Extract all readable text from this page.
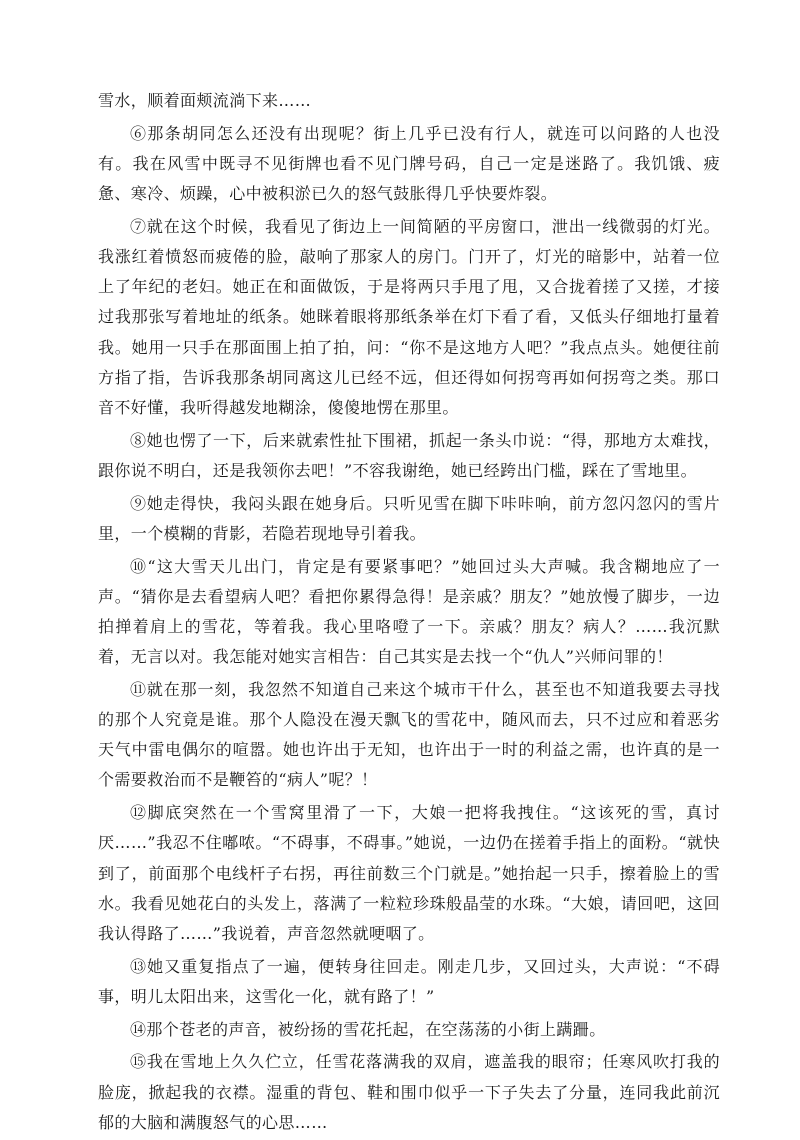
雪水，顺着面颊流淌下来……

⑥那条胡同怎么还没有出现呢？街上几乎已没有行人，就连可以问路的人也没有。我在风雪中既寻不见街牌也看不见门牌号码，自己一定是迷路了。我饥饿、疲惫、寒冷、烦躁，心中被积淤已久的怒气鼓胀得几乎快要炸裂。

⑦就在这个时候，我看见了街边上一间简陋的平房窗口，泄出一线微弱的灯光。我涨红着愤怒而疲倦的脸，敲响了那家人的房门。门开了，灯光的暗影中，站着一位上了年纪的老妇。她正在和面做饭，于是将两只手甩了甩，又合拢着搓了又搓，才接过我那张写着地址的纸条。她眯着眼将那纸条举在灯下看了看，又低头仔细地打量着我。她用一只手在那面围上拍了拍，问：“你不是这地方人吧？”我点点头。她便往前方指了指，告诉我那条胡同离这儿已经不远，但还得如何拐弯再如何拐弯之类。那口音不好懂，我听得越发地糊涂，傻傻地愣在那里。

⑧她也愣了一下，后来就索性扯下围裙，抓起一条头巾说：“得，那地方太难找，跟你说不明白，还是我领你去吧！”不容我谢绝，她已经跨出门槛，踩在了雪地里。

⑨她走得快，我闷头跟在她身后。只听见雪在脚下咔咔响，前方忽闪忽闪的雪片里，一个模糊的背影，若隐若现地导引着我。

⑩“这大雪天儿出门，肯定是有要紧事吧？”她回过头大声喊。我含糊地应了一声。“猜你是去看望病人吧？看把你累得急得！是亲戚？朋友？”她放慢了脚步，一边拍掸着肩上的雪花，等着我。我心里咯噔了一下。亲戚？朋友？病人？……我沉默着，无言以对。我怎能对她实言相告：自己其实是去找一个“仇人”兴师问罪的！

⑪就在那一刻，我忽然不知道自己来这个城市干什么，甚至也不知道我要去寻找的那个人究竟是谁。那个人隐没在漫天飘飞的雪花中，随风而去，只不过应和着恶劣天气中雷电偶尔的喧嚣。她也许出于无知，也许出于一时的利益之需，也许真的是一个需要救治而不是鞭笞的“病人”呢？！

⑫脚底突然在一个雪窝里滑了一下，大娘一把将我拽住。“这该死的雪，真讨厌……”我忍不住嘟哝。“不碍事，不碍事。”她说，一边仍在搓着手指上的面粉。“就快到了，前面那个电线杆子右拐，再往前数三个门就是。”她抬起一只手，擦着脸上的雪水。我看见她花白的头发上，落满了一粒粒珍珠般晶莹的水珠。“大娘，请回吧，这回我认得路了……”我说着，声音忽然就哽咽了。

⑬她又重复指点了一遍，便转身往回走。刚走几步，又回过头，大声说：“不碍事，明儿太阳出来，这雪化一化，就有路了！”

⑭那个苍老的声音，被纷扬的雪花托起，在空荡荡的小街上蹒跚。

⑮我在雪地上久久伫立，任雪花落满我的双肩，遮盖我的眼帘；任寒风吹打我的脸庞，掀起我的衣襟。湿重的背包、鞋和围巾似乎一下子失去了分量，连同我此前沉郁的大脑和满腹怒气的心思……
